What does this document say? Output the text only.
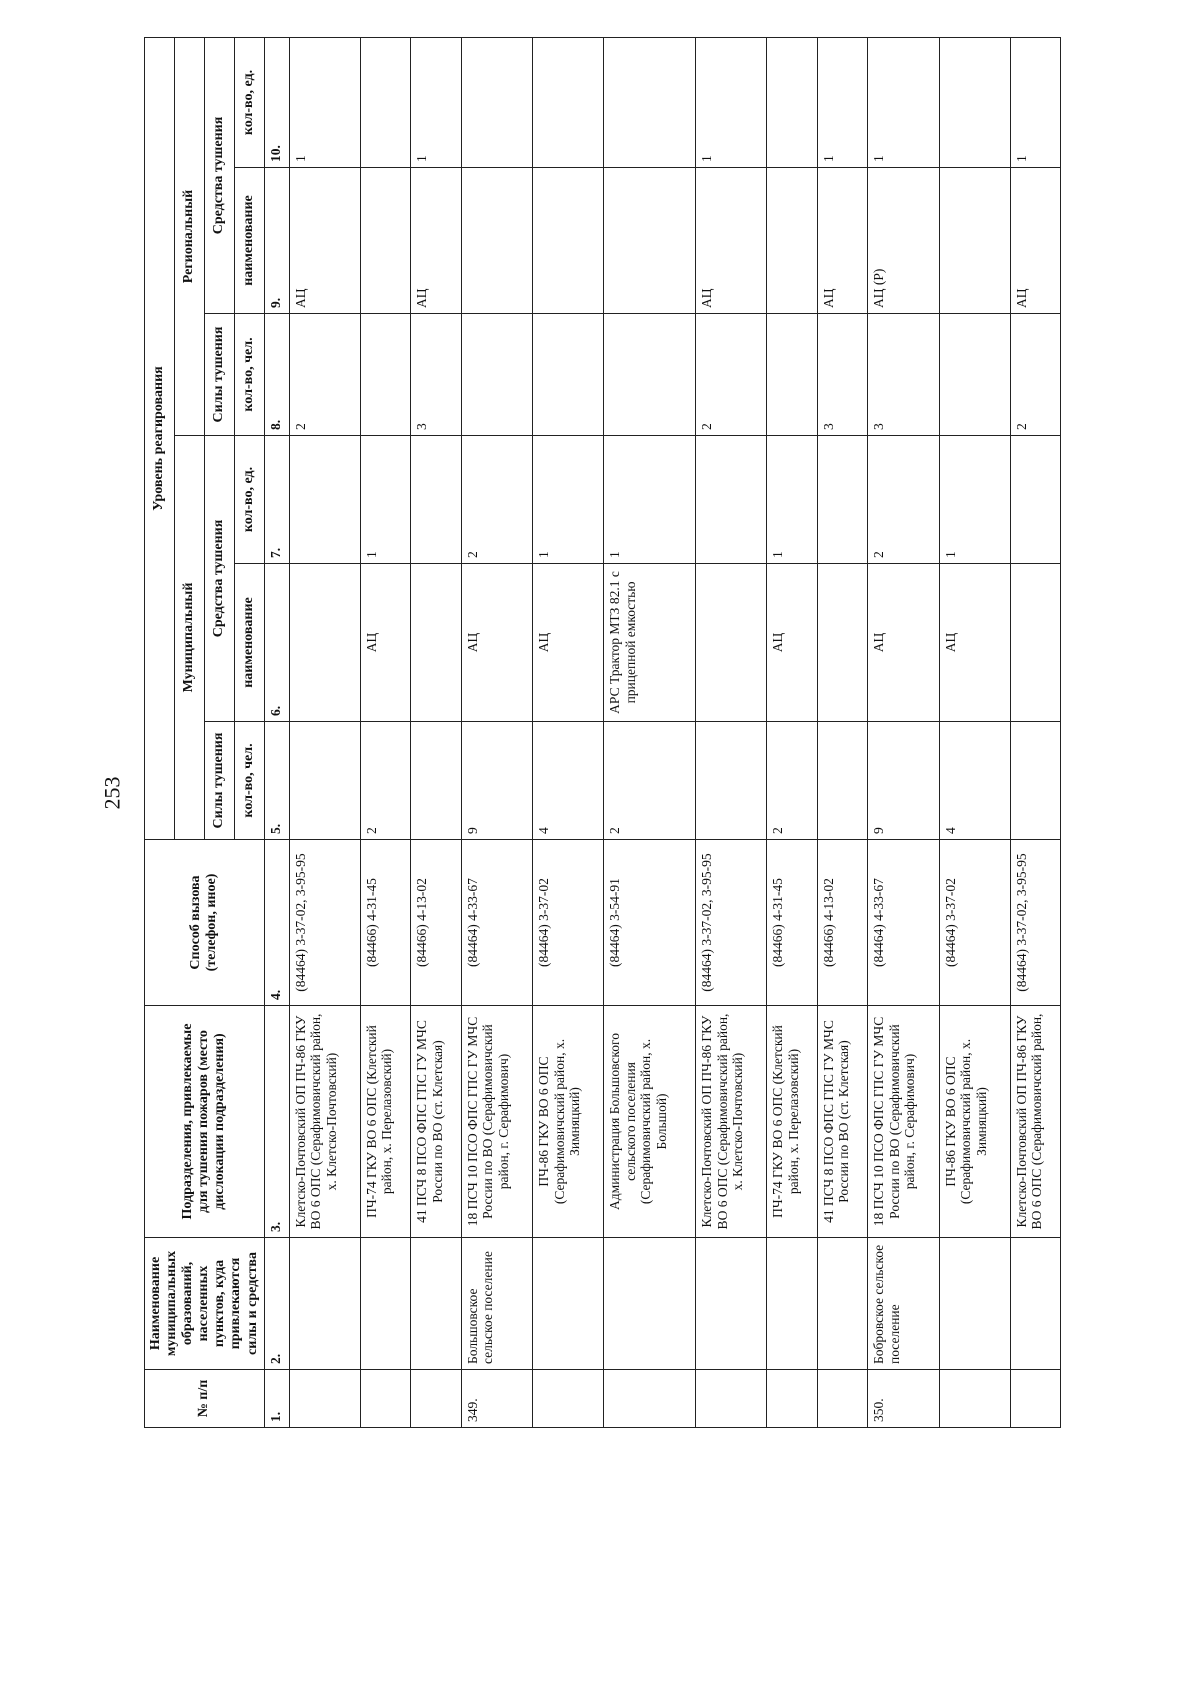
253
№ п/п	Наименование муниципальных образований, населенных пунктов, куда привлекаются силы и средства	Подразделения, привлекаемые для тушения пожаров (место дислокации подразделения)	Способ вызова (телефон, иное)	Уровень реагирования					
				Муниципальный			Региональный		
				Силы тушения	Средства тушения		Силы тушения	Средства тушения	
				кол-во, чел.	наименование	кол-во, ед.	кол-во, чел.	наименование	кол-во, ед.
1.	2.	3.	4.	5.	6.	7.	8.	9.	10.
		Клетско-Почтовский ОП ПЧ-86 ГКУ ВО 6 ОПС (Серафимовичский район, х. Клетско-Почтовский)	(84464) 3-37-02, 3-95-95				2	АЦ	1
		ПЧ-74 ГКУ ВО 6 ОПС (Клетский район, х. Перелазовский)	(84466) 4-31-45	2	АЦ	1			
		41 ПСЧ 8 ПСО ФПС ГПС ГУ МЧС России по ВО (ст. Клетская)	(84466) 4-13-02				3	АЦ	1
349.	Большовское сельское поселение	18 ПСЧ 10 ПСО ФПС ГПС ГУ МЧС России по ВО (Серафимовичский район, г. Серафимович)	(84464) 4-33-67	9	АЦ	2			
		ПЧ-86 ГКУ ВО 6 ОПС (Серафимовичский район, х. Зимняцкий)	(84464) 3-37-02	4	АЦ	1			
		Администрация Большовского сельского поселения (Серафимовичский район, х. Большой)	(84464) 3-54-91	2	АРС Трактор МТЗ 82.1 с прицепной емкостью	1			
		Клетско-Почтовский ОП ПЧ-86 ГКУ ВО 6 ОПС (Серафимовичский район, х. Клетско-Почтовский)	(84464) 3-37-02, 3-95-95				2	АЦ	1
		ПЧ-74 ГКУ ВО 6 ОПС (Клетский район, х. Перелазовский)	(84466) 4-31-45	2	АЦ	1			
		41 ПСЧ 8 ПСО ФПС ГПС ГУ МЧС России по ВО (ст. Клетская)	(84466) 4-13-02				3	АЦ	1
350.	Бобровское сельское поселение	18 ПСЧ 10 ПСО ФПС ГПС ГУ МЧС России по ВО (Серафимовичский район, г. Серафимович)	(84464) 4-33-67	9	АЦ	2	3	АЦ (Р)	1
		ПЧ-86 ГКУ ВО 6 ОПС (Серафимовичский район, х. Зимняцкий)	(84464) 3-37-02	4	АЦ	1			
		Клетско-Почтовский ОП ПЧ-86 ГКУ ВО 6 ОПС (Серафимовичский район,	(84464) 3-37-02, 3-95-95				2	АЦ	1
